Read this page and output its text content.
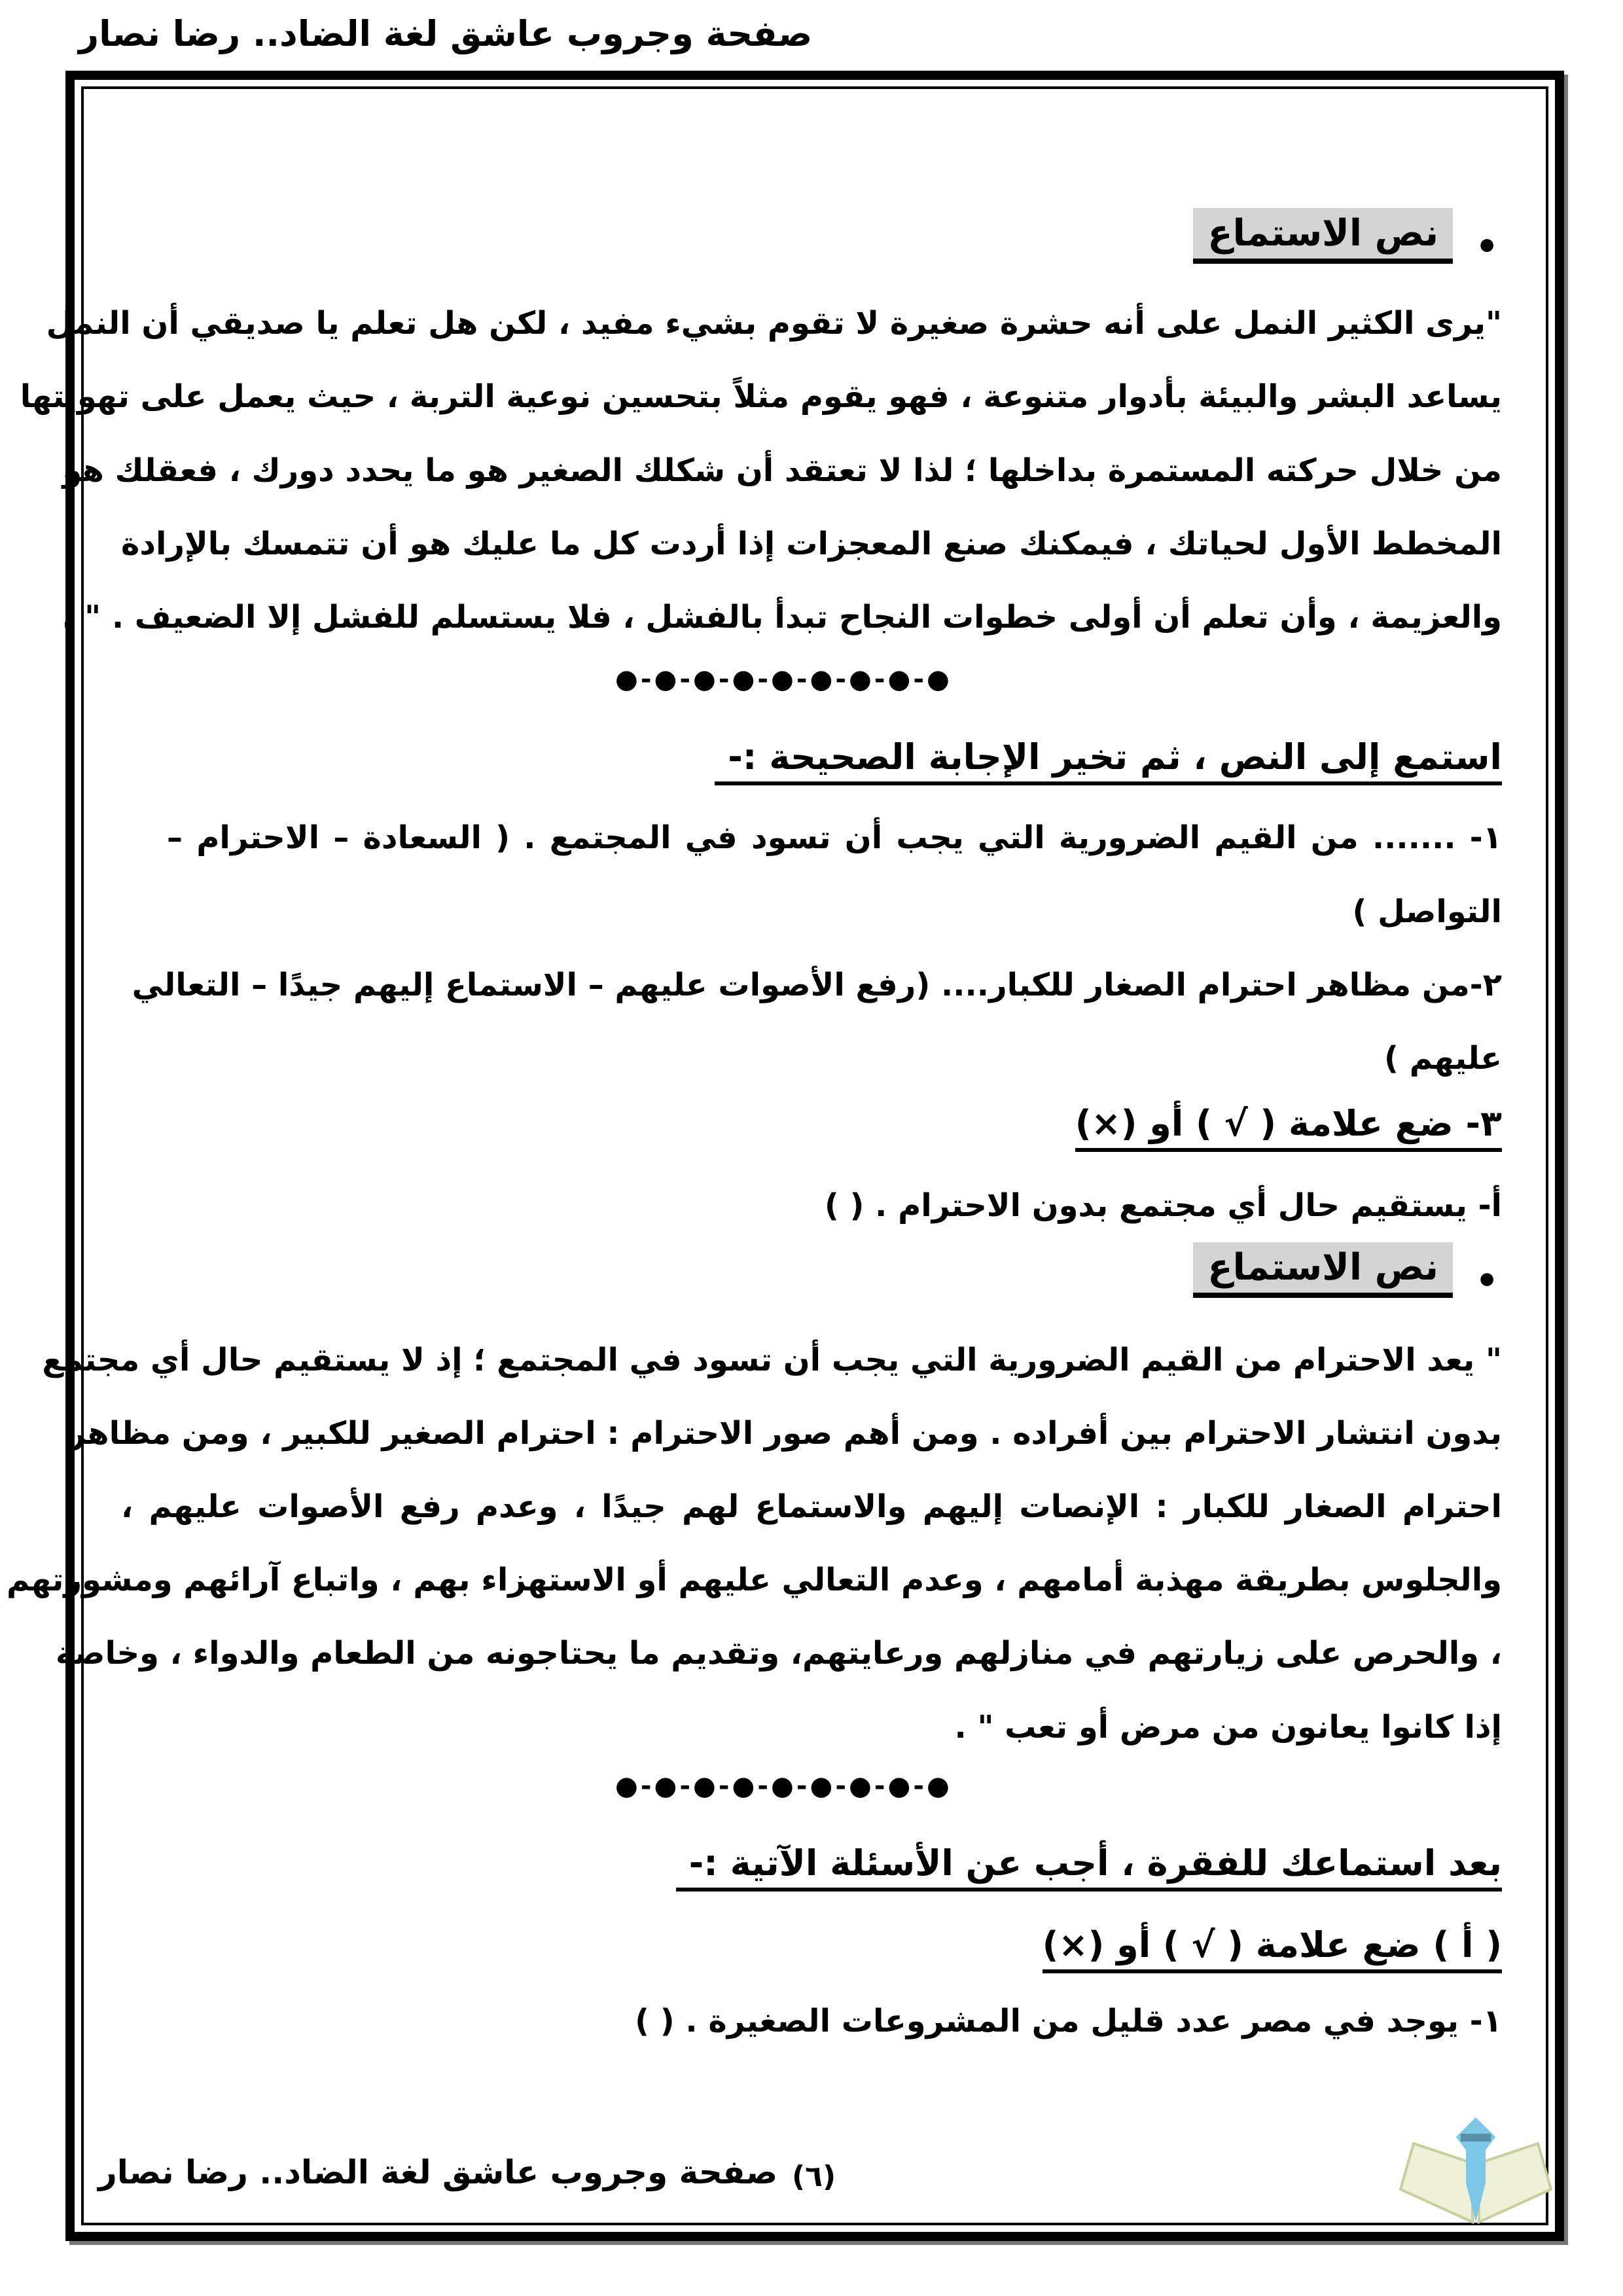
صفحة وجروب عاشق لغة الضاد.. رضا نصار
•
نص الاستماع
"يرى الكثير النمل على أنه حشرة صغيرة لا تقوم بشيء مفيد ، لكن هل تعلم يا صديقي أن النمل
يساعد البشر والبيئة بأدوار متنوعة ، فهو يقوم مثلاً بتحسين نوعية التربة ، حيث يعمل على تهويتها
من خلال حركته المستمرة بداخلها ؛ لذا لا تعتقد أن شكلك الصغير هو ما يحدد دورك ، فعقلك هو
المخطط الأول لحياتك ، فيمكنك صنع المعجزات إذا أردت كل ما عليك هو أن تتمسك بالإرادة
والعزيمة ، وأن تعلم أن أولى خطوات النجاح تبدأ بالفشل ، فلا يستسلم للفشل إلا الضعيف . " .
●-●-●-●-●-●-●-●-●
استمع إلى النص ، ثم تخير الإجابة الصحيحة :-
١- ....... من القيم الضرورية التي يجب أن تسود في المجتمع . ( السعادة – الاحترام –
التواصل )
٢-من مظاهر احترام الصغار للكبار.... (رفع الأصوات عليهم – الاستماع إليهم جيدًا – التعالي
عليهم )
٣- ضع علامة ( √ ) أو (×)
أ- يستقيم حال أي مجتمع بدون الاحترام . ( )
•
نص الاستماع
" يعد الاحترام من القيم الضرورية التي يجب أن تسود في المجتمع ؛ إذ لا يستقيم حال أي مجتمع
بدون انتشار الاحترام بين أفراده . ومن أهم صور الاحترام : احترام الصغير للكبير ، ومن مظاهر
احترام الصغار للكبار : الإنصات إليهم والاستماع لهم جيدًا ، وعدم رفع الأصوات عليهم ،
والجلوس بطريقة مهذبة أمامهم ، وعدم التعالي عليهم أو الاستهزاء بهم ، واتباع آرائهم ومشورتهم
، والحرص على زيارتهم في منازلهم ورعايتهم، وتقديم ما يحتاجونه من الطعام والدواء ، وخاصة
إذا كانوا يعانون من مرض أو تعب " .
●-●-●-●-●-●-●-●-●
بعد استماعك للفقرة ، أجب عن الأسئلة الآتية :-
( أ ) ضع علامة ( √ ) أو (×)
١- يوجد في مصر عدد قليل من المشروعات الصغيرة . ( )
صفحة وجروب عاشق لغة الضاد.. رضا نصار (٦)
